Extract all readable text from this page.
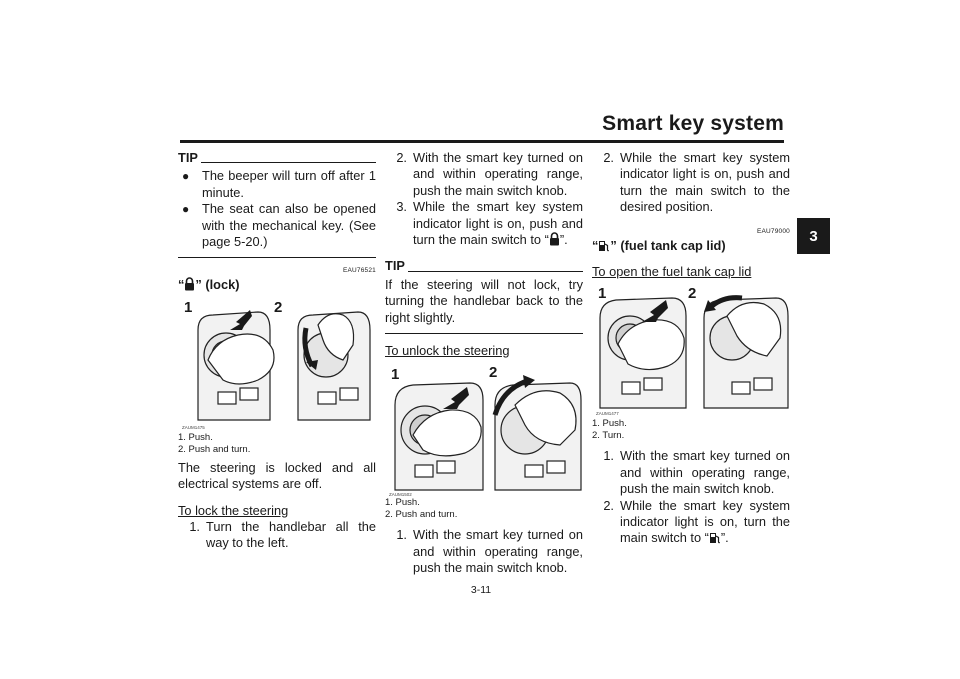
Smart key system
3
TIP
● The beeper will turn off after 1 minute.
● The seat can also be opened with the mechanical key. (See page 5-20.)
EAU76521
“ ” (lock)
1	2
ZAUM1475
1. Push.
2. Push and turn.
The steering is locked and all electrical systems are off.
To lock the steering
1. Turn the handlebar all the way to the left.
2. With the smart key turned on and within operating range, push the main switch knob.
3. While the smart key system indicator light is on, push and turn the main switch to “ ”.
TIP
If the steering will not lock, try turning the handlebar back to the right slightly.
To unlock the steering
1	2
ZAUM1502
1. Push.
2. Push and turn.
1. With the smart key turned on and within operating range, push the main switch knob.
2. While the smart key system indicator light is on, push and turn the main switch to the desired position.
EAU79000
“ ” (fuel tank cap lid)
To open the fuel tank cap lid
1	2
ZAUM1477
1. Push.
2. Turn.
1. With the smart key turned on and within operating range, push the main switch knob.
2. While the smart key system indicator light is on, turn the main switch to “ ”.
3-11
